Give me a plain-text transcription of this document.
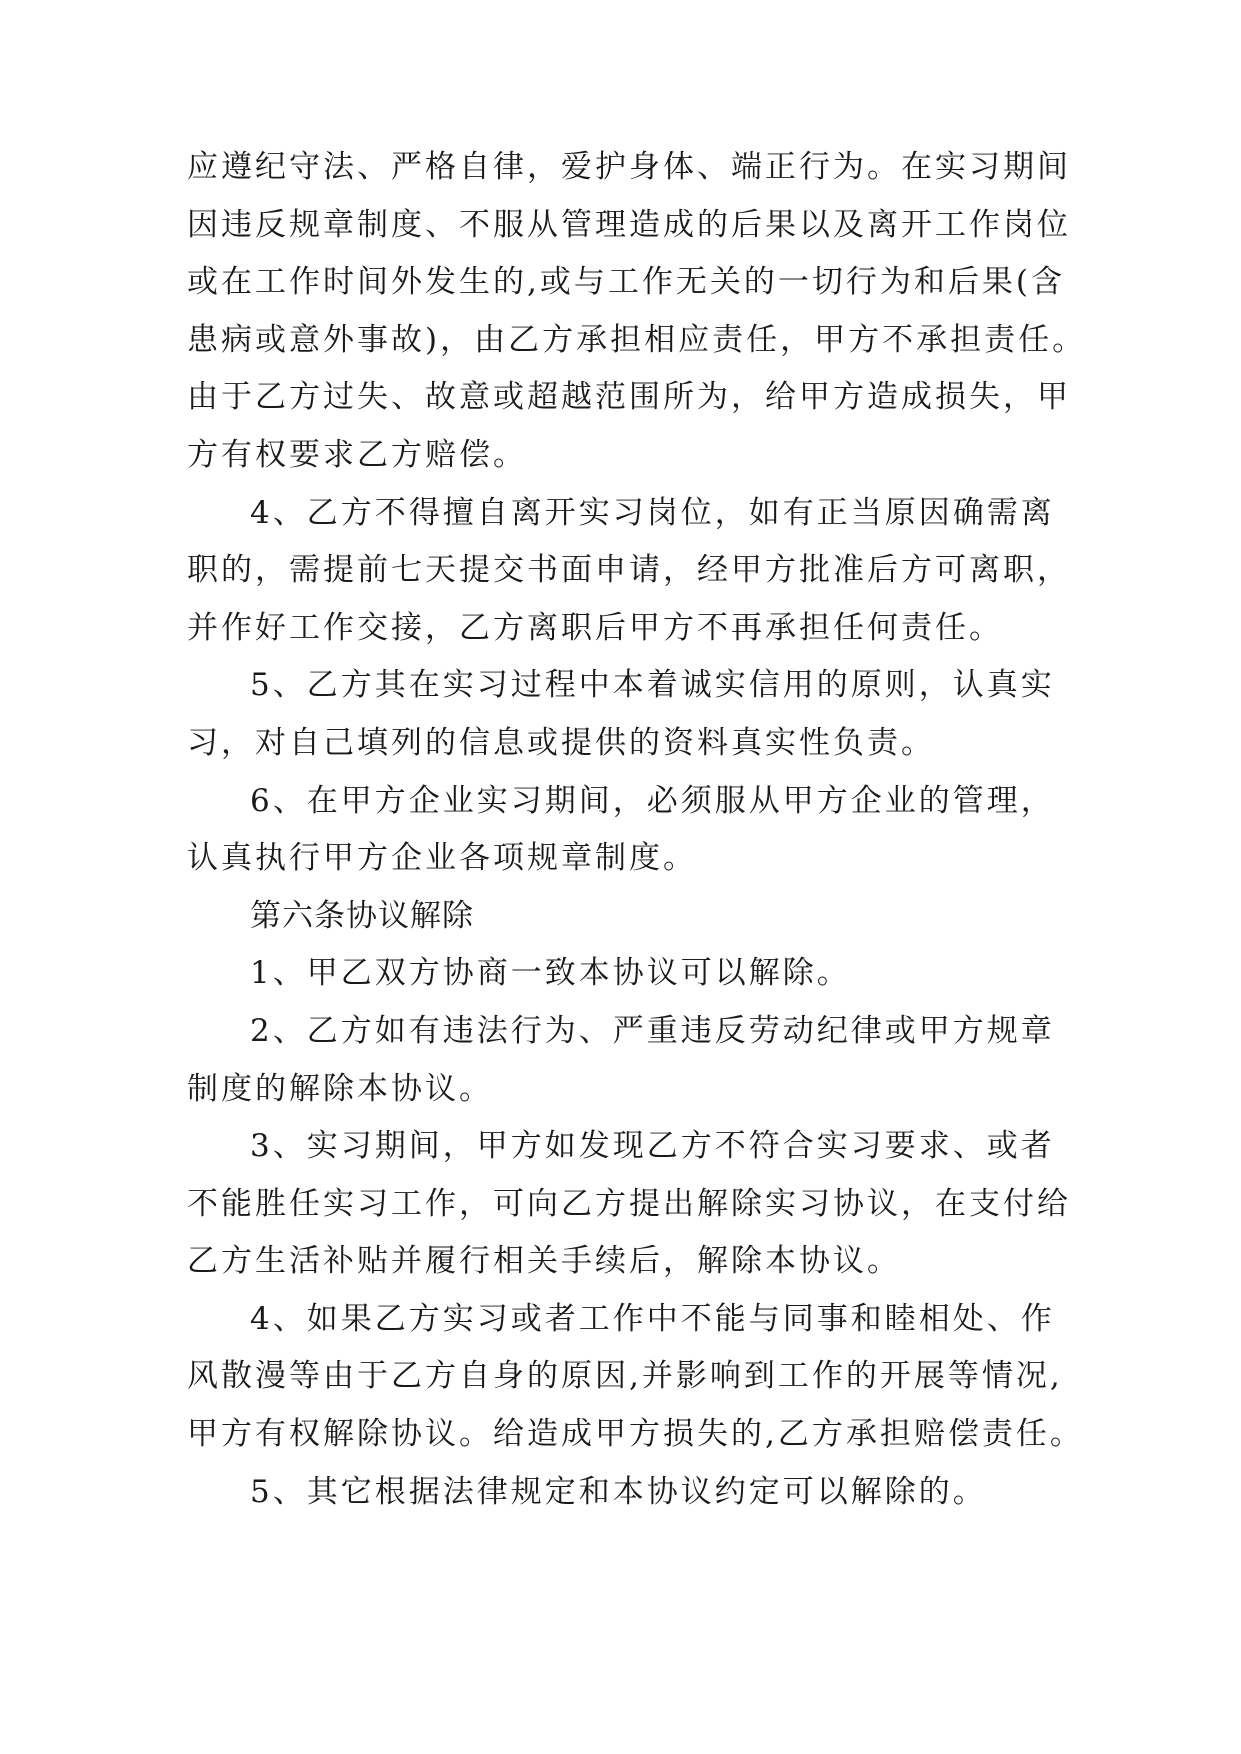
应遵纪守法、严格自律，爱护身体、端正行为。在实习期间
因违反规章制度、不服从管理造成的后果以及离开工作岗位
或在工作时间外发生的,或与工作无关的一切行为和后果(含
患病或意外事故)，由乙方承担相应责任，甲方不承担责任。
由于乙方过失、故意或超越范围所为，给甲方造成损失，甲
方有权要求乙方赔偿。
4、乙方不得擅自离开实习岗位，如有正当原因确需离
职的，需提前七天提交书面申请，经甲方批准后方可离职，
并作好工作交接，乙方离职后甲方不再承担任何责任。
5、乙方其在实习过程中本着诚实信用的原则，认真实
习，对自己填列的信息或提供的资料真实性负责。
6、在甲方企业实习期间，必须服从甲方企业的管理，
认真执行甲方企业各项规章制度。
第六条协议解除
1、甲乙双方协商一致本协议可以解除。
2、乙方如有违法行为、严重违反劳动纪律或甲方规章
制度的解除本协议。
3、实习期间，甲方如发现乙方不符合实习要求、或者
不能胜任实习工作，可向乙方提出解除实习协议，在支付给
乙方生活补贴并履行相关手续后，解除本协议。
4、如果乙方实习或者工作中不能与同事和睦相处、作
风散漫等由于乙方自身的原因,并影响到工作的开展等情况,
甲方有权解除协议。给造成甲方损失的,乙方承担赔偿责任。
5、其它根据法律规定和本协议约定可以解除的。
